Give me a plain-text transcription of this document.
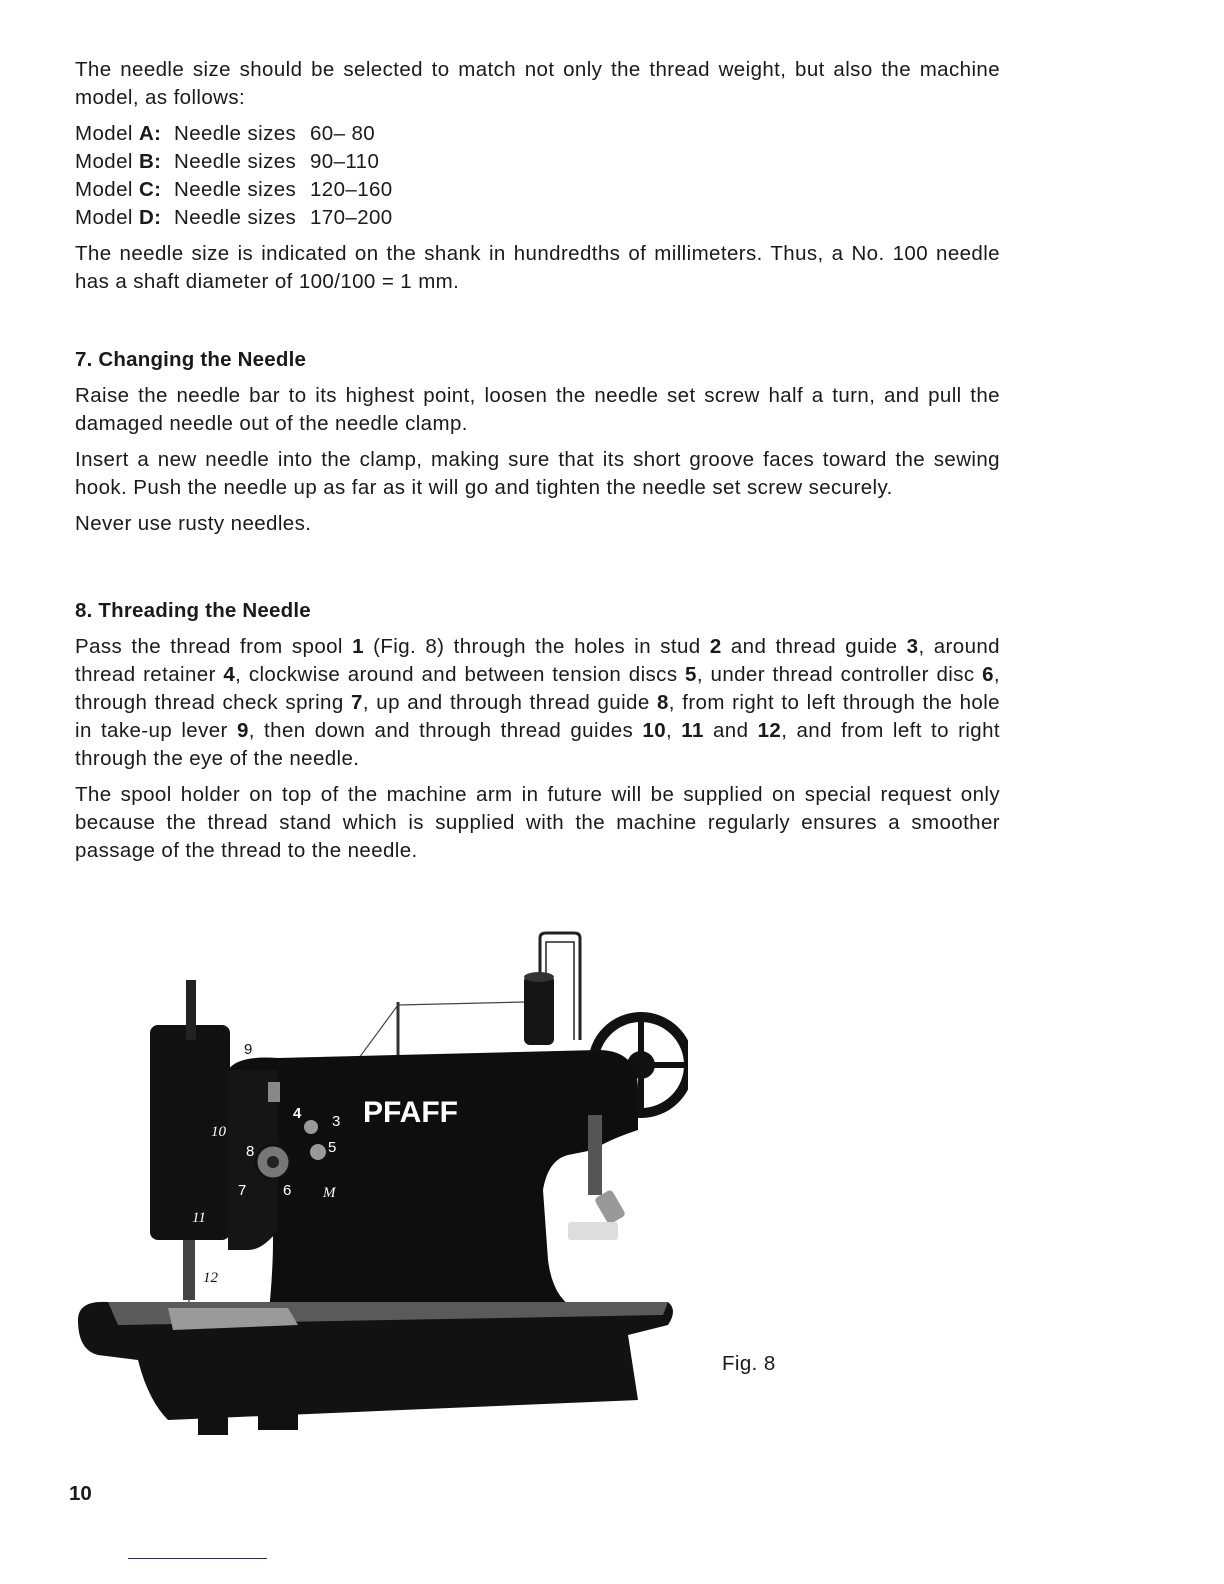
The needle size should be selected to match not only the thread weight, but also the machine model, as follows:

Model A: Needle sizes 60– 80
Model B: Needle sizes 90–110
Model C: Needle sizes 120–160
Model D: Needle sizes 170–200

The needle size is indicated on the shank in hundredths of millimeters. Thus, a No. 100 needle has a shaft diameter of 100/100 = 1 mm.

7. Changing the Needle

Raise the needle bar to its highest point, loosen the needle set screw half a turn, and pull the damaged needle out of the needle clamp.

Insert a new needle into the clamp, making sure that its short groove faces toward the sewing hook. Push the needle up as far as it will go and tighten the needle set screw securely.

Never use rusty needles.

8. Threading the Needle

Pass the thread from spool 1 (Fig. 8) through the holes in stud 2 and thread guide 3, around thread retainer 4, clockwise around and between tension discs 5, under thread controller disc 6, through thread check spring 7, up and through thread guide 8, from right to left through the hole in take-up lever 9, then down and through thread guides 10, 11 and 12, and from left to right through the eye of the needle.

The spool holder on top of the machine arm in future will be supplied on special request only because the thread stand which is supplied with the machine regularly ensures a smoother passage of the thread to the needle.

PFAFF
1
2
3
4
5
6
7
8
9
10
11
12
M
Fig. 8
10
